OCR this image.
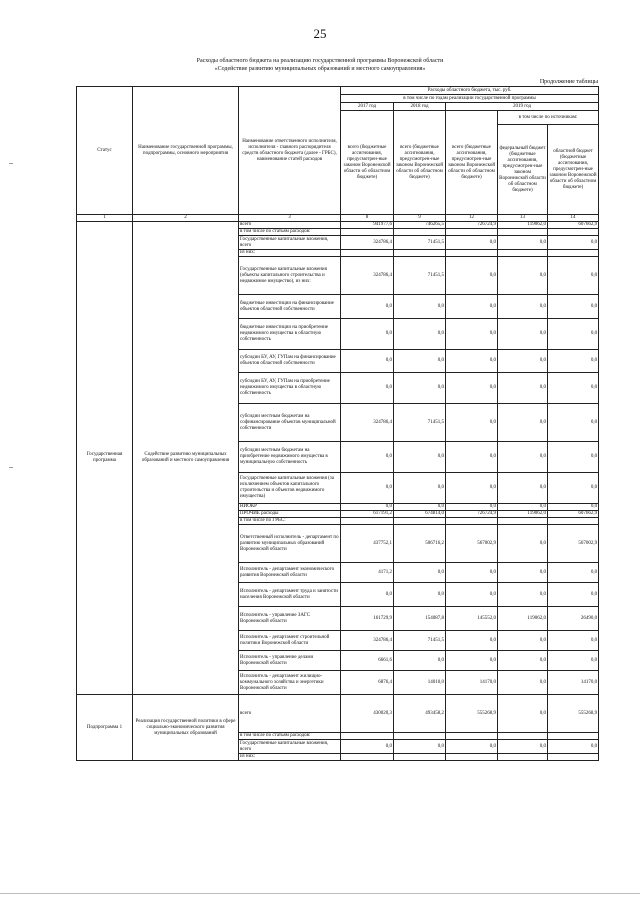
25
Расходы областного бюджета на реализацию государственной программы Воронежской области
«Содействие развитию муниципальных образований и местного самоуправления»
Продолжение таблицы
Статус	Наименование государственной программы, подпрограммы, основного мероприятия	Наименование ответственного исполнителя, исполнителя - главного распорядителя средств областного бюджета (далее - ГРБС), наименование статей расходов	Расходы областного бюджета, тыс. руб.				
			в том числе по годам реализации государственной программы				
			2017 год	2018 год	2019 год		
			всего (бюджетные ассигнования, предусмотрен-ные законом Воронежской области об областном бюджете)	всего (бюджетные ассигнования, предусмотрен-ные законом Воронежской области об областном бюджете)	всего (бюджетные ассигнования, предусмотрен-ные законом Воронежской области об областном бюджете)	в том числе по источникам:	
						федеральный бюджет (бюджетные ассигнования, предусмотрен-ные законом Воронежской области об областном бюджете)	областной бюджет (бюджетные ассигнования, предусмотрен-ные законом Воронежской области об областном бюджете)
1	2	3	8	9	12	13	14
Государственная программа	Содействие развитию муниципальных образований и местного самоуправления	всего	941977,6	746265,5	726724,9	119062,0	607662,9
		в том числе по статьям расходов:					
		Государственные капитальные вложения, всего	324786,4	71451,5	0,0	0,0	0,0
		из них:					
		Государственные капитальные вложения (объекты капитального строительства и недвижимое имущество), из них:	324786,4	71451,5	0,0	0,0	0,0
		бюджетные инвестиции на финансирование объектов областной собственности	0,0	0,0	0,0	0,0	0,0
		бюджетные инвестиции на приобретение недвижимого имущества в областную собственность	0,0	0,0	0,0	0,0	0,0
		субсидии БУ, АУ, ГУПам на финансирование объектов областной собственности	0,0	0,0	0,0	0,0	0,0
		субсидии БУ, АУ, ГУПам на приобретение недвижимого имущества в областную собственность	0,0	0,0	0,0	0,0	0,0
		субсидии местным бюджетам на софинансирование объектов муниципальной собственности	324786,4	71451,5	0,0	0,0	0,0
		субсидии местным бюджетам на приобретение недвижимого имущества в муниципальную собственность	0,0	0,0	0,0	0,0	0,0
		Государственные капитальные вложения (за исключением объектов капитального строительства и объектов недвижимого имущества)	0,0	0,0	0,0	0,0	0,0
		НИОКР	0,0	0,0	0,0	0,0	0,0
		ПРОЧИЕ расходы	617191,2	674814,0	726724,9	119062,0	607662,9
		в том числе по ГРБС:					
		Ответственный исполнитель - департамент по развитию муниципальных образований Воронежской области	437752,1	506716,2	567002,9	0,0	567002,9
		Исполнитель - департамент экономического развития Воронежской области	4171,2	0,0	0,0	0,0	0,0
		Исполнитель - департамент труда и занятости населения Воронежской области	0,0	0,0	0,0	0,0	0,0
		Исполнитель - управление ЗАГС Воронежской области	161729,9	154087,8	145552,0	119062,0	26490,0
		Исполнитель - департамент строительной политики Воронежской области	324786,4	71451,5	0,0	0,0	0,0
		Исполнитель - управление делами Воронежской области	6661,6	0,0	0,0	0,0	0,0
		Исполнитель - департамент жилищно-коммунального хозяйства и энергетики Воронежской области	6876,4	14010,0	14170,0	0,0	14170,0
Подпрограмма 1	Реализация государственной политики в сфере социально-экономического развития муниципальных образований	всего	430020,3	493458,2	555268,9	0,0	555268,9
		в том числе по статьям расходов:					
		Государственные капитальные вложения, всего	0,0	0,0	0,0	0,0	0,0
		из них:					
